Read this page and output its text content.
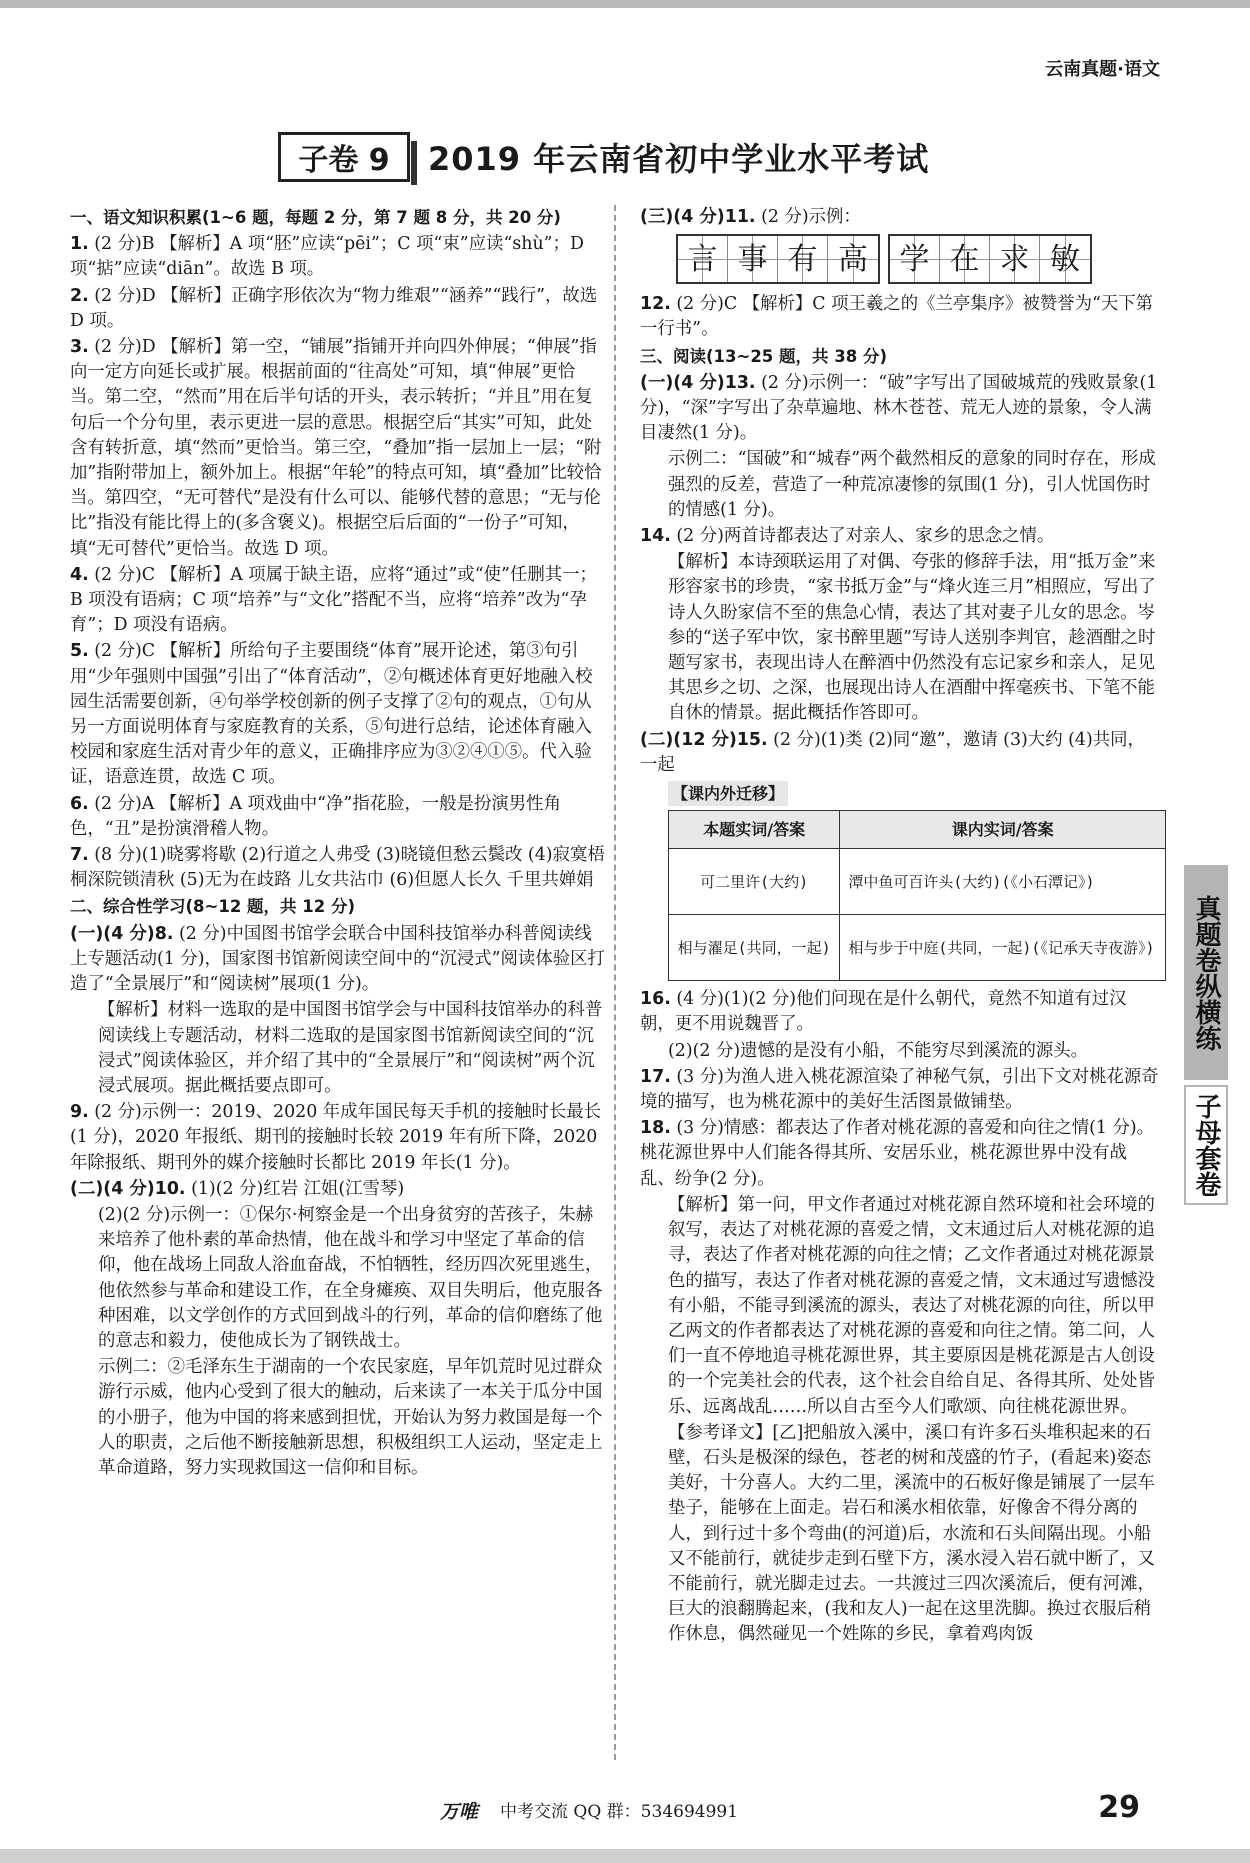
云南真题·语文
子卷 9	2019 年云南省初中学业水平考试
一、语文知识积累(1~6 题，每题 2 分，第 7 题 8 分，共 20 分)
1. (2 分)B 【解析】A 项“胚”应读“pēi”；C 项“束”应读“shù”；D 项“掂”应读“diān”。故选 B 项。
2. (2 分)D 【解析】正确字形依次为“物力维艰”“涵养”“践行”，故选 D 项。
3. (2 分)D 【解析】第一空，“铺展”指铺开并向四外伸展；“伸展”指向一定方向延长或扩展。根据前面的“往高处”可知，填“伸展”更恰当。第二空，“然而”用在后半句话的开头，表示转折；“并且”用在复句后一个分句里，表示更进一层的意思。根据空后“其实”可知，此处含有转折意，填“然而”更恰当。第三空，“叠加”指一层加上一层；“附加”指附带加上，额外加上。根据“年轮”的特点可知，填“叠加”比较恰当。第四空，“无可替代”是没有什么可以、能够代替的意思；“无与伦比”指没有能比得上的(多含褒义)。根据空后后面的“一份子”可知，填“无可替代”更恰当。故选 D 项。
4. (2 分)C 【解析】A 项属于缺主语，应将“通过”或“使”任删其一；B 项没有语病；C 项“培养”与“文化”搭配不当，应将“培养”改为“孕育”；D 项没有语病。
5. (2 分)C 【解析】所给句子主要围绕“体育”展开论述，第③句引用“少年强则中国强”引出了“体育活动”，②句概述体育更好地融入校园生活需要创新，④句举学校创新的例子支撑了②句的观点，①句从另一方面说明体育与家庭教育的关系，⑤句进行总结，论述体育融入校园和家庭生活对青少年的意义，正确排序应为③②④①⑤。代入验证，语意连贯，故选 C 项。
6. (2 分)A 【解析】A 项戏曲中“净”指花脸，一般是扮演男性角色，“丑”是扮演滑稽人物。
7. (8 分)(1)晓雾将歇 (2)行道之人弗受 (3)晓镜但愁云鬓改 (4)寂寞梧桐深院锁清秋 (5)无为在歧路 儿女共沾巾 (6)但愿人长久 千里共婵娟
二、综合性学习(8~12 题，共 12 分)
(一)(4 分)8. (2 分)中国图书馆学会联合中国科技馆举办科普阅读线上专题活动(1 分)，国家图书馆新阅读空间中的“沉浸式”阅读体验区打造了“全景展厅”和“阅读树”展项(1 分)。
【解析】材料一选取的是中国图书馆学会与中国科技馆举办的科普阅读线上专题活动，材料二选取的是国家图书馆新阅读空间的“沉浸式”阅读体验区，并介绍了其中的“全景展厅”和“阅读树”两个沉浸式展项。据此概括要点即可。
9. (2 分)示例一：2019、2020 年成年国民每天手机的接触时长最长(1 分)，2020 年报纸、期刊的接触时长较 2019 年有所下降，2020 年除报纸、期刊外的媒介接触时长都比 2019 年长(1 分)。
(二)(4 分)10. (1)(2 分)红岩 江姐(江雪琴)
(2)(2 分)示例一：①保尔·柯察金是一个出身贫穷的苦孩子，朱赫来培养了他朴素的革命热情，他在战斗和学习中坚定了革命的信仰，他在战场上同敌人浴血奋战，不怕牺牲，经历四次死里逃生，他依然参与革命和建设工作，在全身瘫痪、双目失明后，他克服各种困难，以文学创作的方式回到战斗的行列，革命的信仰磨练了他的意志和毅力，使他成长为了钢铁战士。
示例二：②毛泽东生于湖南的一个农民家庭，早年饥荒时见过群众游行示威，他内心受到了很大的触动，后来读了一本关于瓜分中国的小册子，他为中国的将来感到担忧，开始认为努力救国是每一个人的职责，之后他不断接触新思想，积极组织工人运动，坚定走上革命道路，努力实现救国这一信仰和目标。
(三)(4 分)11. (2 分)示例：
言 事 有 高	学 在 求 敏
12. (2 分)C 【解析】C 项王羲之的《兰亭集序》被赞誉为“天下第一行书”。
三、阅读(13~25 题，共 38 分)
(一)(4 分)13. (2 分)示例一：“破”字写出了国破城荒的残败景象(1 分)，“深”字写出了杂草遍地、林木苍苍、荒无人迹的景象，令人满目凄然(1 分)。
示例二：“国破”和“城春”两个截然相反的意象的同时存在，形成强烈的反差，营造了一种荒凉凄惨的氛围(1 分)，引人忧国伤时的情感(1 分)。
14. (2 分)两首诗都表达了对亲人、家乡的思念之情。
【解析】本诗颈联运用了对偶、夸张的修辞手法，用“抵万金”来形容家书的珍贵，“家书抵万金”与“烽火连三月”相照应，写出了诗人久盼家信不至的焦急心情，表达了其对妻子儿女的思念。岑参的“送子军中饮，家书醉里题”写诗人送别李判官，趁酒酣之时题写家书，表现出诗人在醉酒中仍然没有忘记家乡和亲人，足见其思乡之切、之深，也展现出诗人在酒酣中挥毫疾书、下笔不能自休的情景。据此概括作答即可。
(二)(12 分)15. (2 分)(1)类 (2)同“邀”，邀请 (3)大约 (4)共同，一起
【课内外迁移】
本题实词/答案	课内实词/答案
可二里许(大约)	潭中鱼可百许头(大约)(《小石潭记》)
相与濯足(共同，一起)	相与步于中庭(共同，一起)(《记承天寺夜游》)
16. (4 分)(1)(2 分)他们问现在是什么朝代，竟然不知道有过汉朝，更不用说魏晋了。
(2)(2 分)遗憾的是没有小船，不能穷尽到溪流的源头。
17. (3 分)为渔人进入桃花源渲染了神秘气氛，引出下文对桃花源奇境的描写，也为桃花源中的美好生活图景做铺垫。
18. (3 分)情感：都表达了作者对桃花源的喜爱和向往之情(1 分)。桃花源世界中人们能各得其所、安居乐业，桃花源世界中没有战乱、纷争(2 分)。
【解析】第一问，甲文作者通过对桃花源自然环境和社会环境的叙写，表达了对桃花源的喜爱之情，文末通过后人对桃花源的追寻，表达了作者对桃花源的向往之情；乙文作者通过对桃花源景色的描写，表达了作者对桃花源的喜爱之情，文末通过写遗憾没有小船，不能寻到溪流的源头，表达了对桃花源的向往，所以甲乙两文的作者都表达了对桃花源的喜爱和向往之情。第二问，人们一直不停地追寻桃花源世界，其主要原因是桃花源是古人创设的一个完美社会的代表，这个社会自给自足、各得其所、处处皆乐、远离战乱……所以自古至今人们歌颂、向往桃花源世界。
【参考译文】[乙]把船放入溪中，溪口有许多石头堆积起来的石壁，石头是极深的绿色，苍老的树和茂盛的竹子，(看起来)姿态美好，十分喜人。大约二里，溪流中的石板好像是铺展了一层车垫子，能够在上面走。岩石和溪水相依靠，好像舍不得分离的人，到行过十多个弯曲(的河道)后，水流和石头间隔出现。小船又不能前行，就徒步走到石壁下方，溪水浸入岩石就中断了，又不能前行，就光脚走过去。一共渡过三四次溪流后，便有河滩，巨大的浪翻腾起来，(我和友人)一起在这里洗脚。换过衣服后稍作休息，偶然碰见一个姓陈的乡民，拿着鸡肉饭
真题卷纵横练
子母套卷
万唯 中考交流 QQ 群：534694991	29
